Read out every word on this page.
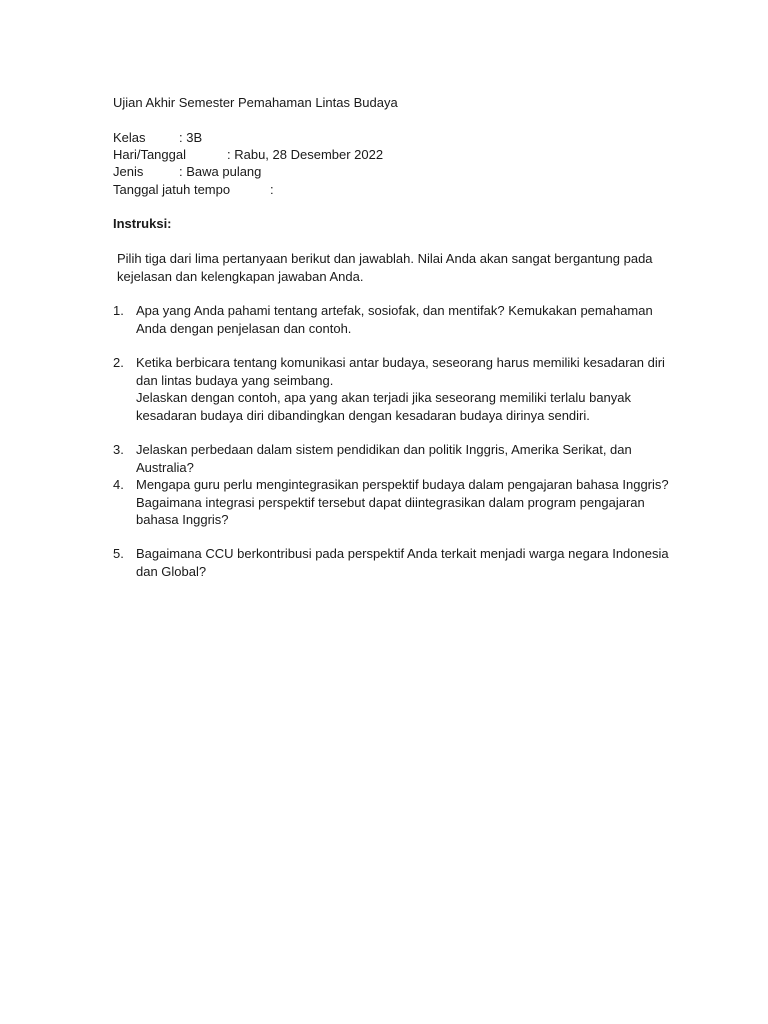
Ujian Akhir Semester Pemahaman Lintas Budaya
Kelas	: 3B
Hari/Tanggal	: Rabu, 28 Desember 2022
Jenis	: Bawa pulang
Tanggal jatuh tempo	:
Instruksi:
Pilih tiga dari lima pertanyaan berikut dan jawablah. Nilai Anda akan sangat bergantung pada kejelasan dan kelengkapan jawaban Anda.
1. Apa yang Anda pahami tentang artefak, sosiofak, dan mentifak? Kemukakan pemahaman Anda dengan penjelasan dan contoh.

2. Ketika berbicara tentang komunikasi antar budaya, seseorang harus memiliki kesadaran diri dan lintas budaya yang seimbang.

Jelaskan dengan contoh, apa yang akan terjadi jika seseorang memiliki terlalu banyak kesadaran budaya diri dibandingkan dengan kesadaran budaya dirinya sendiri.

3. Jelaskan perbedaan dalam sistem pendidikan dan politik Inggris, Amerika Serikat, dan Australia?

4. Mengapa guru perlu mengintegrasikan perspektif budaya dalam pengajaran bahasa Inggris?

Bagaimana integrasi perspektif tersebut dapat diintegrasikan dalam program pengajaran bahasa Inggris?

5. Bagaimana CCU berkontribusi pada perspektif Anda terkait menjadi warga negara Indonesia dan Global?
